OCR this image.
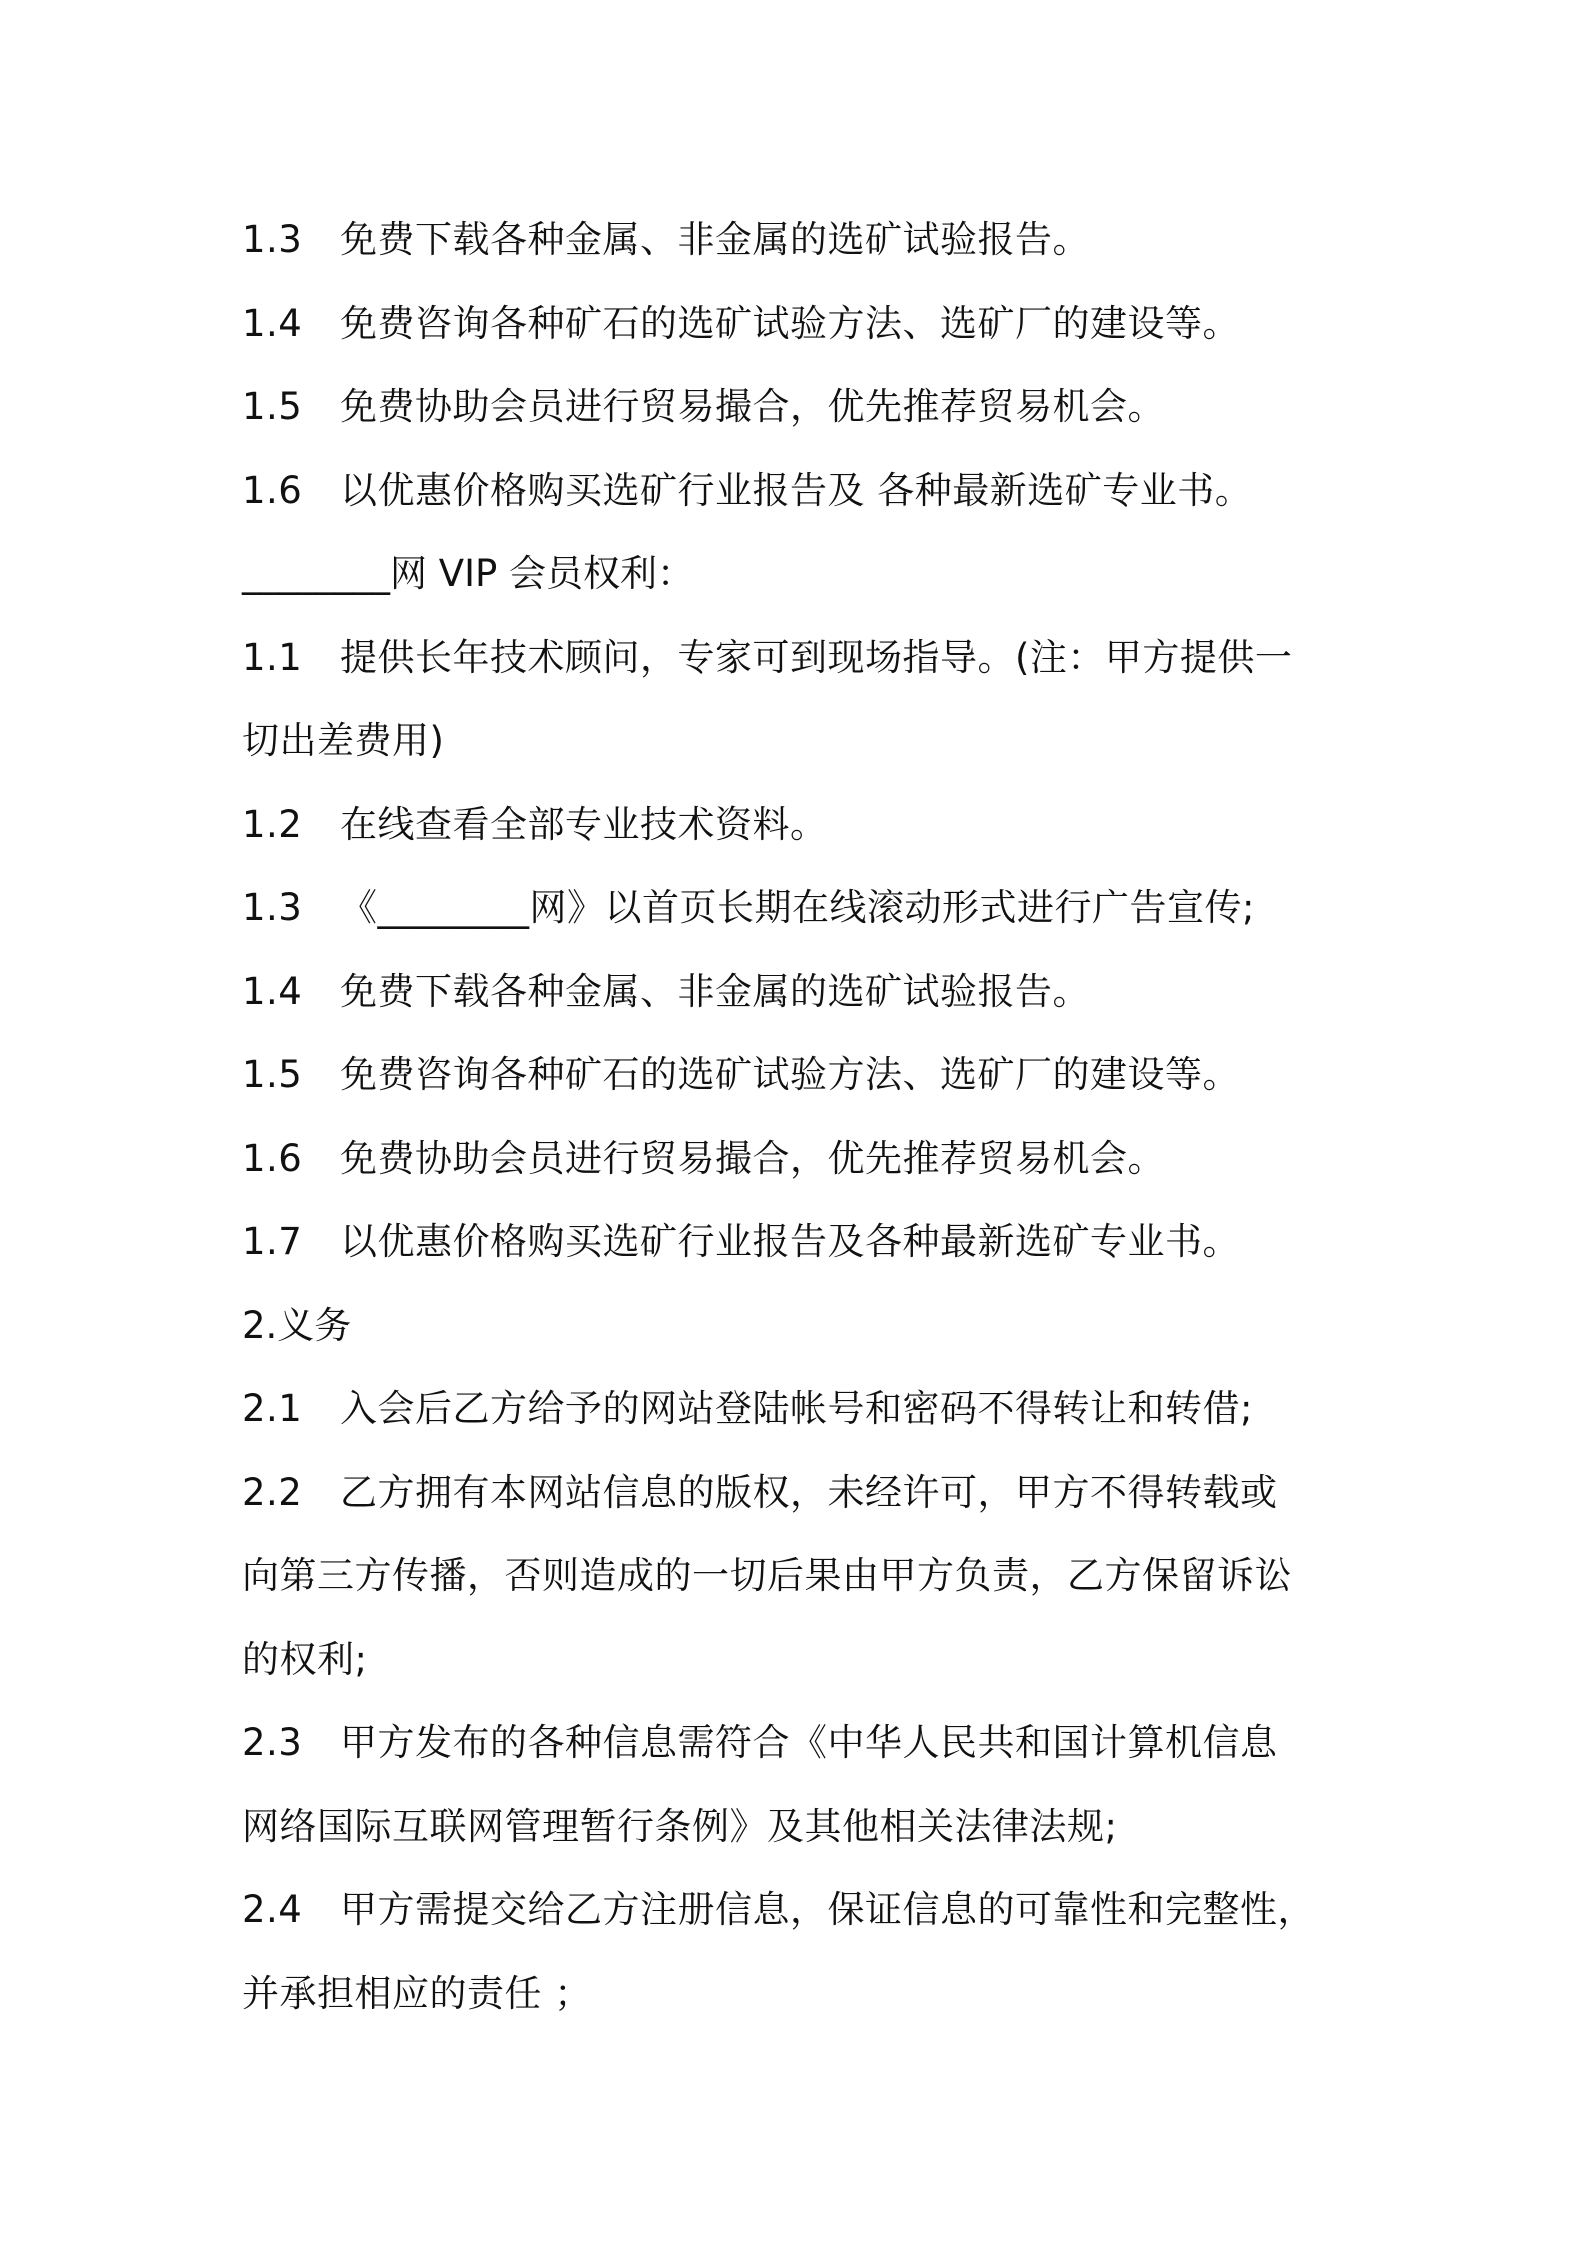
1.3 免费下载各种金属、非金属的选矿试验报告。
1.4 免费咨询各种矿石的选矿试验方法、选矿厂的建设等。
1.5 免费协助会员进行贸易撮合，优先推荐贸易机会。
1.6 以优惠价格购买选矿行业报告及 各种最新选矿专业书。
________网 VIP 会员权利：
1.1 提供长年技术顾问，专家可到现场指导。(注：甲方提供一
切出差费用)
1.2 在线查看全部专业技术资料。
1.3 《________网》以首页长期在线滚动形式进行广告宣传;
1.4 免费下载各种金属、非金属的选矿试验报告。
1.5 免费咨询各种矿石的选矿试验方法、选矿厂的建设等。
1.6 免费协助会员进行贸易撮合，优先推荐贸易机会。
1.7 以优惠价格购买选矿行业报告及各种最新选矿专业书。
2.义务
2.1 入会后乙方给予的网站登陆帐号和密码不得转让和转借;
2.2 乙方拥有本网站信息的版权，未经许可，甲方不得转载或
向第三方传播，否则造成的一切后果由甲方负责，乙方保留诉讼
的权利;
2.3 甲方发布的各种信息需符合《中华人民共和国计算机信息
网络国际互联网管理暂行条例》及其他相关法律法规;
2.4 甲方需提交给乙方注册信息，保证信息的可靠性和完整性，
并承担相应的责任 ；
